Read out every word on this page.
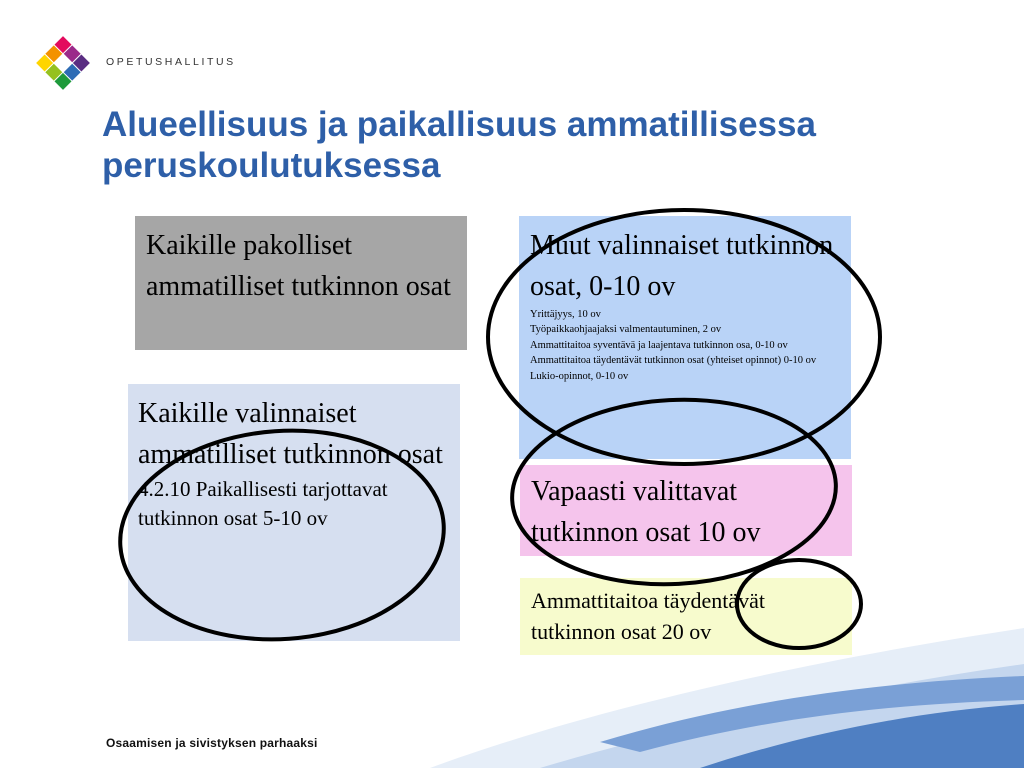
OPETUSHALLITUS
Alueellisuus ja paikallisuus ammatillisessa peruskoulutuksessa
Kaikille pakolliset ammatilliset tutkinnon osat
Kaikille valinnaiset ammatilliset tutkinnon osat
4.2.10 Paikallisesti tarjottavat tutkinnon osat 5-10 ov
Muut valinnaiset tutkinnon osat, 0-10 ov
Yrittäjyys, 10 ov
Työpaikkaohjaajaksi valmentautuminen, 2 ov
Ammattitaitoa syventävä ja laajentava tutkinnon osa, 0-10 ov
Ammattitaitoa täydentävät tutkinnon osat (yhteiset opinnot) 0-10 ov
Lukio-opinnot, 0-10 ov
Vapaasti valittavat tutkinnon osat 10 ov
Ammattitaitoa täydentävät tutkinnon osat 20 ov
Osaamisen ja sivistyksen parhaaksi
